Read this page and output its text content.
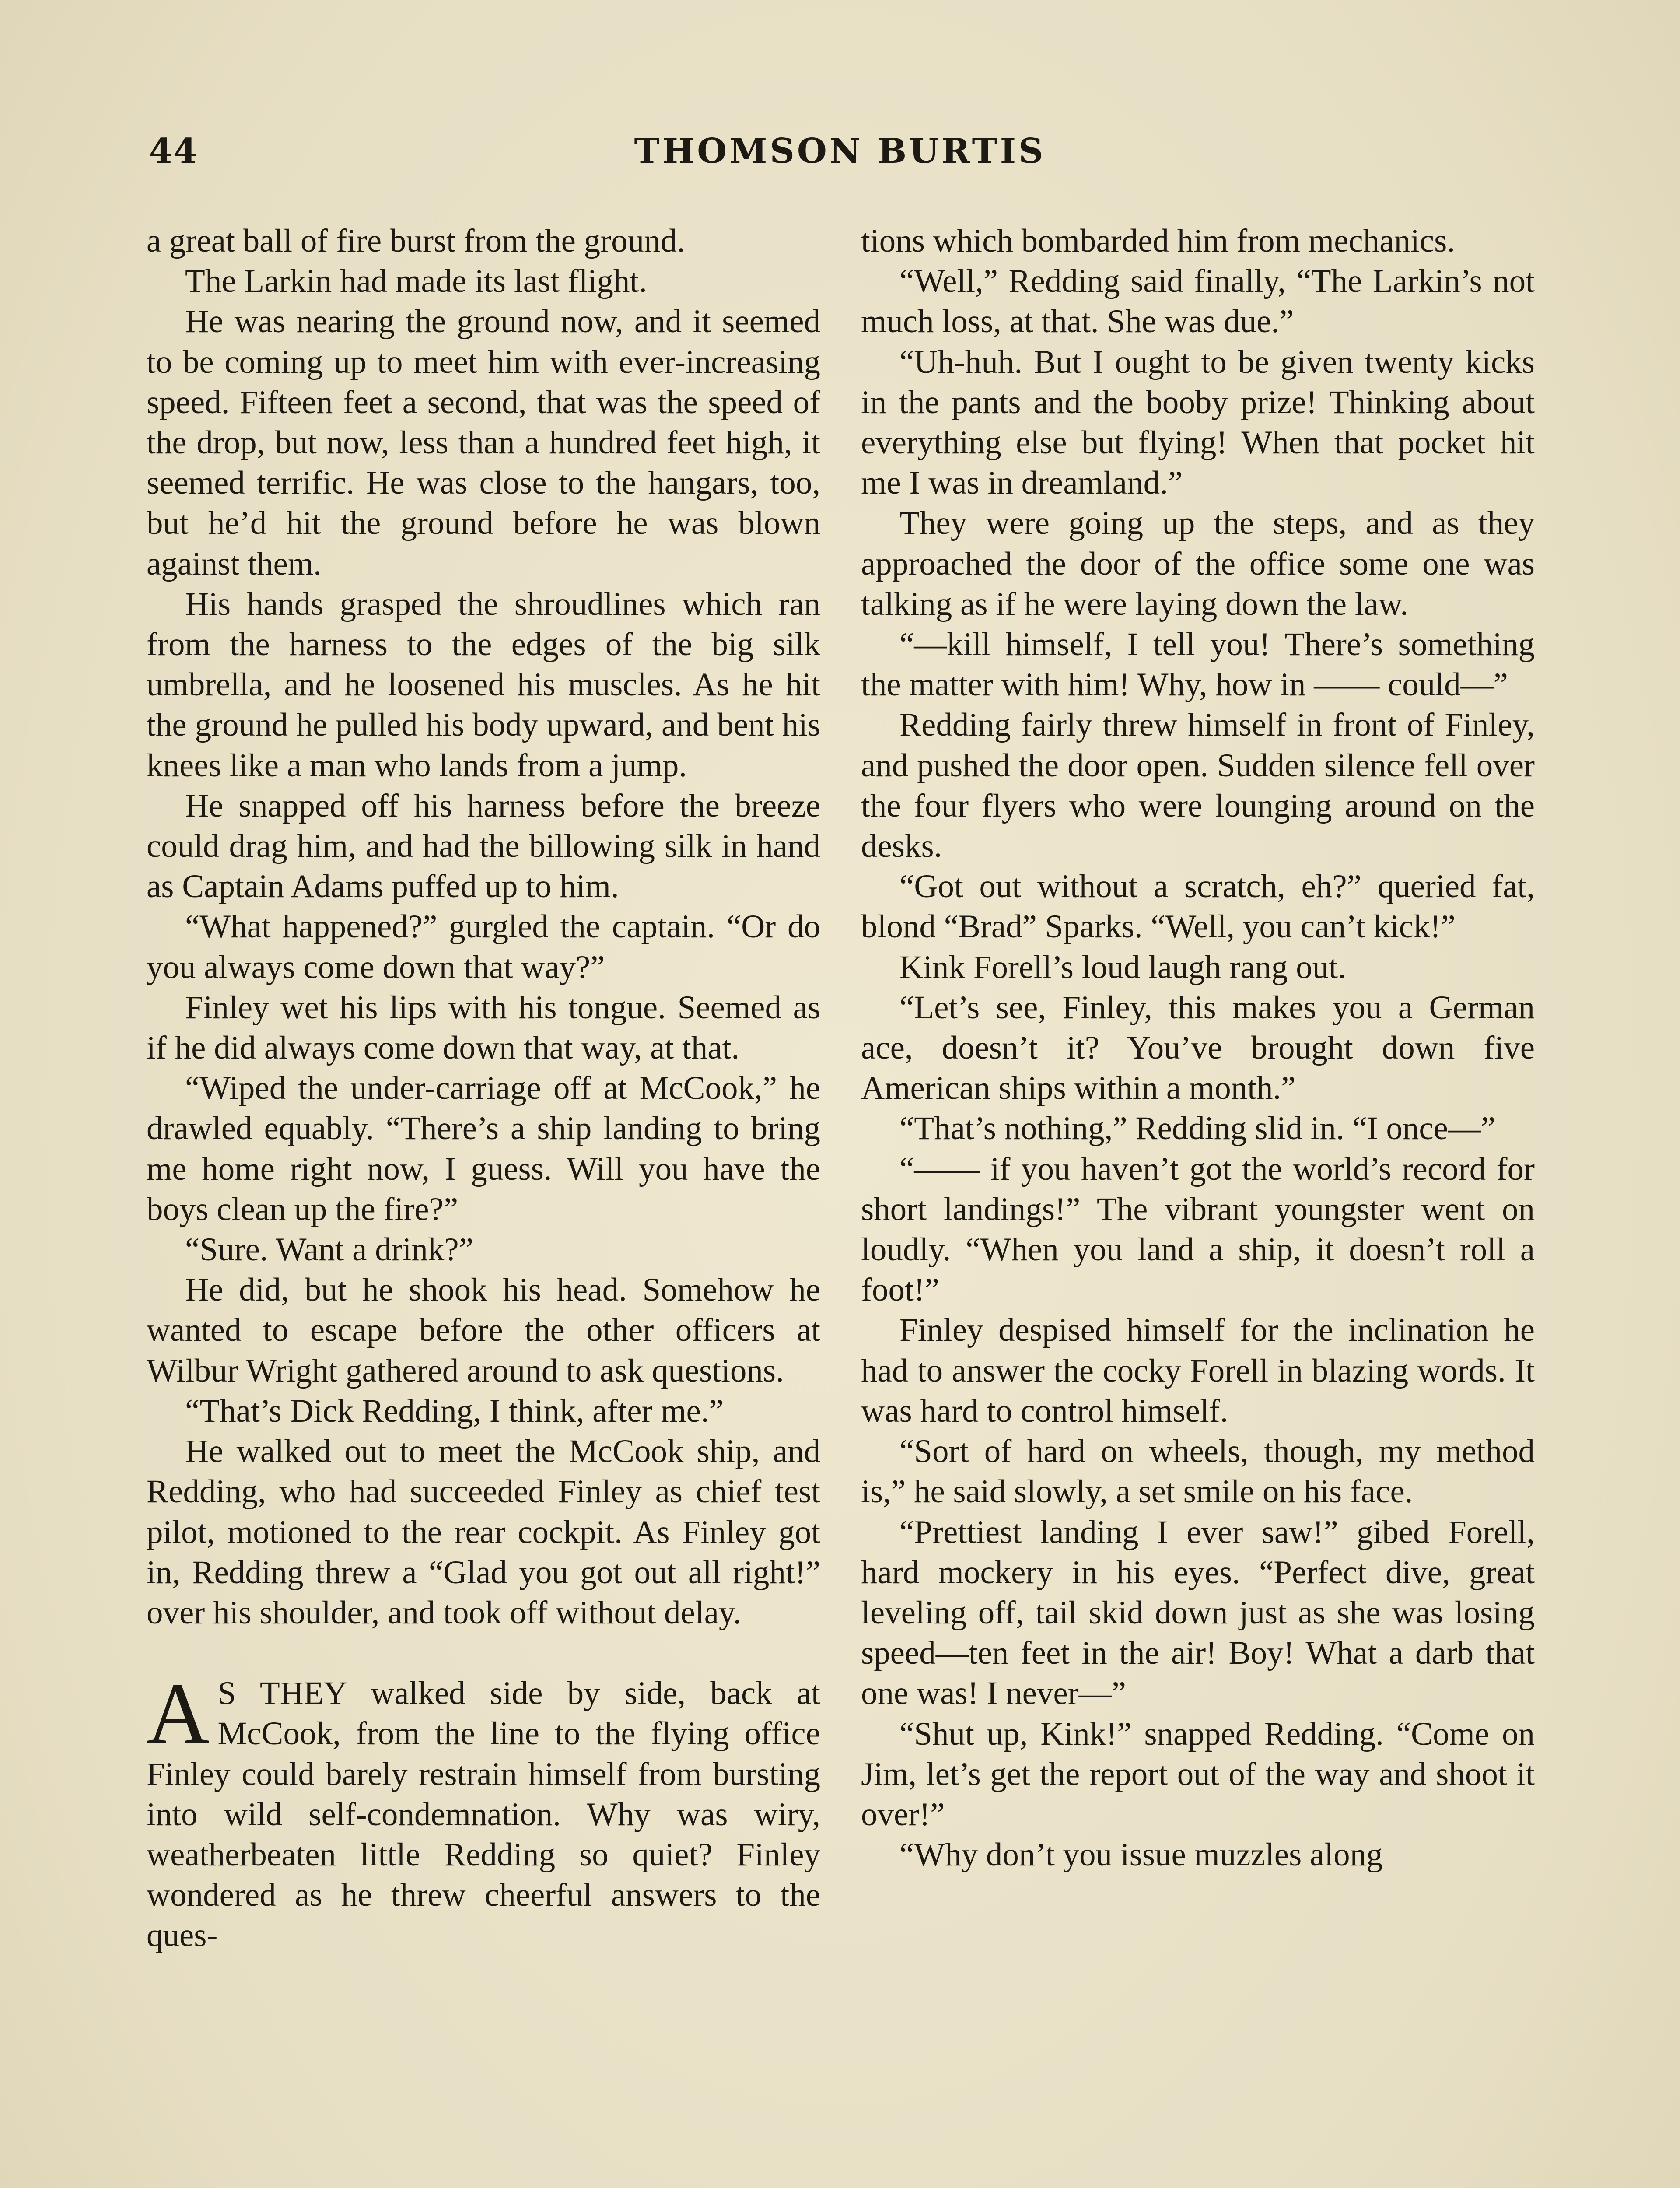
44	THOMSON BURTIS

a great ball of fire burst from the ground.

The Larkin had made its last flight.

He was nearing the ground now, and it seemed to be coming up to meet him with ever-increasing speed. Fifteen feet a second, that was the speed of the drop, but now, less than a hundred feet high, it seemed terrific. He was close to the hangars, too, but he’d hit the ground before he was blown against them.

His hands grasped the shroudlines which ran from the harness to the edges of the big silk umbrella, and he loosened his muscles. As he hit the ground he pulled his body upward, and bent his knees like a man who lands from a jump.

He snapped off his harness before the breeze could drag him, and had the billowing silk in hand as Captain Adams puffed up to him.

“What happened?” gurgled the captain. “Or do you always come down that way?”

Finley wet his lips with his tongue. Seemed as if he did always come down that way, at that.

“Wiped the under-carriage off at McCook,” he drawled equably. “There’s a ship landing to bring me home right now, I guess. Will you have the boys clean up the fire?”

“Sure. Want a drink?”

He did, but he shook his head. Somehow he wanted to escape before the other officers at Wilbur Wright gathered around to ask questions.

“That’s Dick Redding, I think, after me.”

He walked out to meet the McCook ship, and Redding, who had succeeded Finley as chief test pilot, motioned to the rear cockpit. As Finley got in, Redding threw a “Glad you got out all right!” over his shoulder, and took off without delay.

A S THEY walked side by side, back at McCook, from the line to the flying office Finley could barely restrain himself from bursting into wild self-condemnation. Why was wiry, weatherbeaten little Redding so quiet? Finley wondered as he threw cheerful answers to the ques-

tions which bombarded him from mechanics.

“Well,” Redding said finally, “The Larkin’s not much loss, at that. She was due.”

“Uh-huh. But I ought to be given twenty kicks in the pants and the booby prize! Thinking about everything else but flying! When that pocket hit me I was in dreamland.”

They were going up the steps, and as they approached the door of the office some one was talking as if he were laying down the law.

“—kill himself, I tell you! There’s something the matter with him! Why, how in —— could—”

Redding fairly threw himself in front of Finley, and pushed the door open. Sudden silence fell over the four flyers who were lounging around on the desks.

“Got out without a scratch, eh?” queried fat, blond “Brad” Sparks. “Well, you can’t kick!”

Kink Forell’s loud laugh rang out.

“Let’s see, Finley, this makes you a German ace, doesn’t it? You’ve brought down five American ships within a month.”

“That’s nothing,” Redding slid in. “I once—”

“—— if you haven’t got the world’s record for short landings!” The vibrant youngster went on loudly. “When you land a ship, it doesn’t roll a foot!”

Finley despised himself for the inclination he had to answer the cocky Forell in blazing words. It was hard to control himself.

“Sort of hard on wheels, though, my method is,” he said slowly, a set smile on his face.

“Prettiest landing I ever saw!” gibed Forell, hard mockery in his eyes. “Perfect dive, great leveling off, tail skid down just as she was losing speed—ten feet in the air! Boy! What a darb that one was! I never—”

“Shut up, Kink!” snapped Redding. “Come on Jim, let’s get the report out of the way and shoot it over!”

“Why don’t you issue muzzles along
